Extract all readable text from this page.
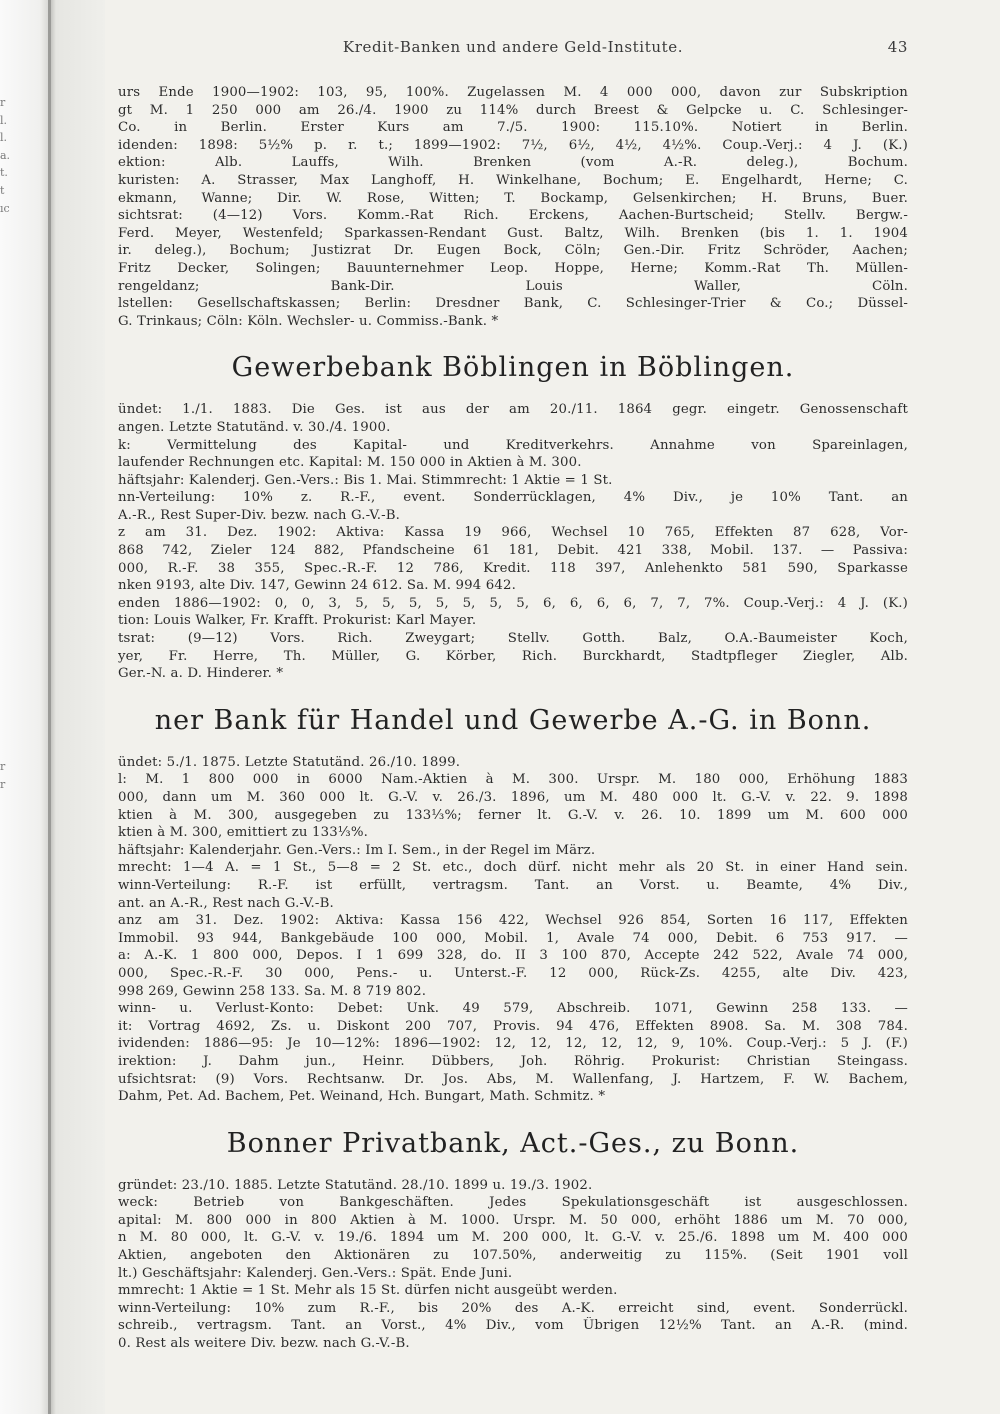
r
l.
l.
a.
t.
t
ıc
r
r
Kredit-Banken und andere Geld-Institute.	43
urs Ende 1900—1902: 103, 95, 100%. Zugelassen M. 4 000 000, davon zur Subskription
gt M. 1 250 000 am 26./4. 1900 zu 114% durch Breest & Gelpcke u. C. Schlesinger-
Co. in Berlin. Erster Kurs am 7./5. 1900: 115.10%. Notiert in Berlin.
idenden: 1898: 5½% p. r. t.; 1899—1902: 7½, 6½, 4½, 4½%. Coup.-Verj.: 4 J. (K.)
ektion: Alb. Lauffs, Wilh. Brenken (vom A.-R. deleg.), Bochum.
kuristen: A. Strasser, Max Langhoff, H. Winkelhane, Bochum; E. Engelhardt, Herne; C.
ekmann, Wanne; Dir. W. Rose, Witten; T. Bockamp, Gelsenkirchen; H. Bruns, Buer.
sichtsrat: (4—12) Vors. Komm.-Rat Rich. Erckens, Aachen-Burtscheid; Stellv. Bergw.-
Ferd. Meyer, Westenfeld; Sparkassen-Rendant Gust. Baltz, Wilh. Brenken (bis 1. 1. 1904
ir. deleg.), Bochum; Justizrat Dr. Eugen Bock, Cöln; Gen.-Dir. Fritz Schröder, Aachen;
Fritz Decker, Solingen; Bauunternehmer Leop. Hoppe, Herne; Komm.-Rat Th. Müllen-
rengeldanz; Bank-Dir. Louis Waller, Cöln.
lstellen: Gesellschaftskassen; Berlin: Dresdner Bank, C. Schlesinger-Trier & Co.; Düssel-
G. Trinkaus; Cöln: Köln. Wechsler- u. Commiss.-Bank. *
Gewerbebank Böblingen in Böblingen.
ündet: 1./1. 1883. Die Ges. ist aus der am 20./11. 1864 gegr. eingetr. Genossenschaft
angen. Letzte Statutänd. v. 30./4. 1900.
k: Vermittelung des Kapital- und Kreditverkehrs. Annahme von Spareinlagen,
laufender Rechnungen etc. Kapital: M. 150 000 in Aktien à M. 300.
häftsjahr: Kalenderj. Gen.-Vers.: Bis 1. Mai. Stimmrecht: 1 Aktie = 1 St.
nn-Verteilung: 10% z. R.-F., event. Sonderrücklagen, 4% Div., je 10% Tant. an
A.-R., Rest Super-Div. bezw. nach G.-V.-B.
z am 31. Dez. 1902: Aktiva: Kassa 19 966, Wechsel 10 765, Effekten 87 628, Vor-
868 742, Zieler 124 882, Pfandscheine 61 181, Debit. 421 338, Mobil. 137. — Passiva:
000, R.-F. 38 355, Spec.-R.-F. 12 786, Kredit. 118 397, Anlehenkto 581 590, Sparkasse
nken 9193, alte Div. 147, Gewinn 24 612. Sa. M. 994 642.
enden 1886—1902: 0, 0, 3, 5, 5, 5, 5, 5, 5, 5, 6, 6, 6, 6, 7, 7, 7%. Coup.-Verj.: 4 J. (K.)
tion: Louis Walker, Fr. Krafft. Prokurist: Karl Mayer.
tsrat: (9—12) Vors. Rich. Zweygart; Stellv. Gotth. Balz, O.A.-Baumeister Koch,
yer, Fr. Herre, Th. Müller, G. Körber, Rich. Burckhardt, Stadtpfleger Ziegler, Alb.
Ger.-N. a. D. Hinderer. *
ner Bank für Handel und Gewerbe A.-G. in Bonn.
ündet: 5./1. 1875. Letzte Statutänd. 26./10. 1899.
l: M. 1 800 000 in 6000 Nam.-Aktien à M. 300. Urspr. M. 180 000, Erhöhung 1883
000, dann um M. 360 000 lt. G.-V. v. 26./3. 1896, um M. 480 000 lt. G.-V. v. 22. 9. 1898
ktien à M. 300, ausgegeben zu 133⅓%; ferner lt. G.-V. v. 26. 10. 1899 um M. 600 000
ktien à M. 300, emittiert zu 133⅓%.
häftsjahr: Kalenderjahr. Gen.-Vers.: Im I. Sem., in der Regel im März.
mrecht: 1—4 A. = 1 St., 5—8 = 2 St. etc., doch dürf. nicht mehr als 20 St. in einer Hand sein.
winn-Verteilung: R.-F. ist erfüllt, vertragsm. Tant. an Vorst. u. Beamte, 4% Div.,
ant. an A.-R., Rest nach G.-V.-B.
anz am 31. Dez. 1902: Aktiva: Kassa 156 422, Wechsel 926 854, Sorten 16 117, Effekten
Immobil. 93 944, Bankgebäude 100 000, Mobil. 1, Avale 74 000, Debit. 6 753 917. —
a: A.-K. 1 800 000, Depos. I 1 699 328, do. II 3 100 870, Accepte 242 522, Avale 74 000,
000, Spec.-R.-F. 30 000, Pens.- u. Unterst.-F. 12 000, Rück-Zs. 4255, alte Div. 423,
998 269, Gewinn 258 133. Sa. M. 8 719 802.
winn- u. Verlust-Konto: Debet: Unk. 49 579, Abschreib. 1071, Gewinn 258 133. —
it: Vortrag 4692, Zs. u. Diskont 200 707, Provis. 94 476, Effekten 8908. Sa. M. 308 784.
ividenden: 1886—95: Je 10—12%: 1896—1902: 12, 12, 12, 12, 12, 9, 10%. Coup.-Verj.: 5 J. (F.)
irektion: J. Dahm jun., Heinr. Dübbers, Joh. Röhrig. Prokurist: Christian Steingass.
ufsichtsrat: (9) Vors. Rechtsanw. Dr. Jos. Abs, M. Wallenfang, J. Hartzem, F. W. Bachem,
Dahm, Pet. Ad. Bachem, Pet. Weinand, Hch. Bungart, Math. Schmitz. *
Bonner Privatbank, Act.-Ges., zu Bonn.
gründet: 23./10. 1885. Letzte Statutänd. 28./10. 1899 u. 19./3. 1902.
weck: Betrieb von Bankgeschäften. Jedes Spekulationsgeschäft ist ausgeschlossen.
apital: M. 800 000 in 800 Aktien à M. 1000. Urspr. M. 50 000, erhöht 1886 um M. 70 000,
n M. 80 000, lt. G.-V. v. 19./6. 1894 um M. 200 000, lt. G.-V. v. 25./6. 1898 um M. 400 000
Aktien, angeboten den Aktionären zu 107.50%, anderweitig zu 115%. (Seit 1901 voll
lt.) Geschäftsjahr: Kalenderj. Gen.-Vers.: Spät. Ende Juni.
mmrecht: 1 Aktie = 1 St. Mehr als 15 St. dürfen nicht ausgeübt werden.
winn-Verteilung: 10% zum R.-F., bis 20% des A.-K. erreicht sind, event. Sonderrückl.
schreib., vertragsm. Tant. an Vorst., 4% Div., vom Übrigen 12½% Tant. an A.-R. (mind.
0. Rest als weitere Div. bezw. nach G.-V.-B.
